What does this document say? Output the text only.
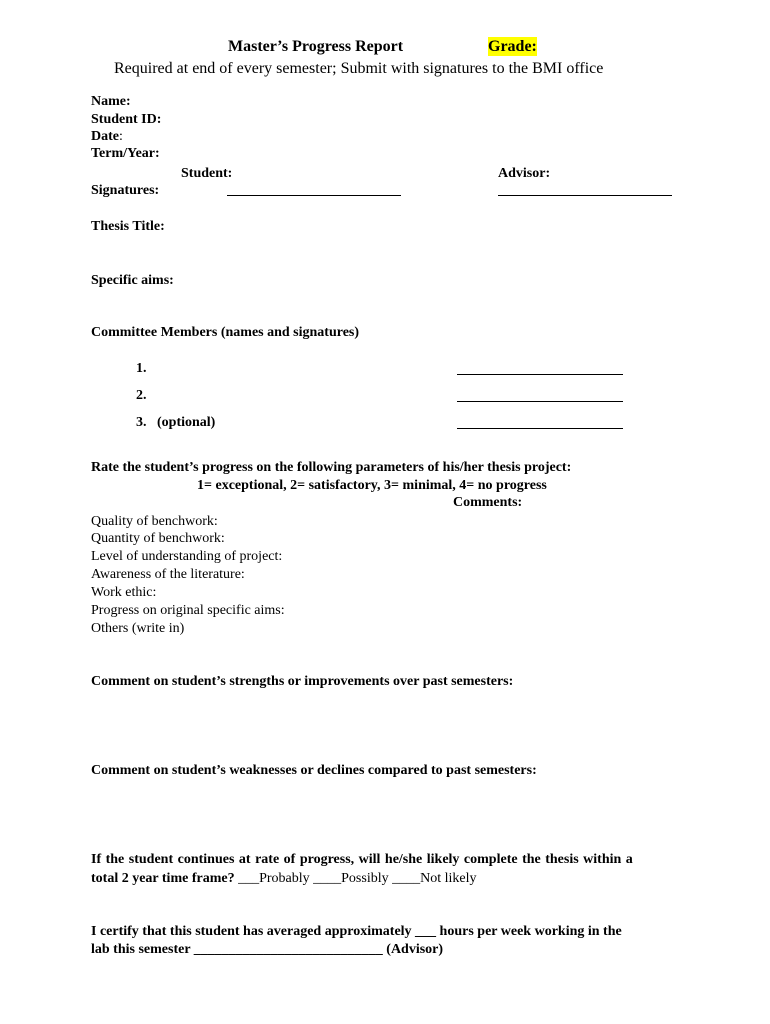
Master’s Progress Report	Grade:
Required at end of every semester; Submit with signatures to the BMI office
Name:
Student ID:
Date:
Term/Year:
Student:	Advisor:
Signatures:
Thesis Title:
Specific aims:
Committee Members (names and signatures)
1.
2.
3.   (optional)
Rate the student’s progress on the following parameters of his/her thesis project:
1= exceptional, 2= satisfactory, 3= minimal, 4= no progress
Comments:
Quality of benchwork:
Quantity of benchwork:
Level of understanding of project:
Awareness of the literature:
Work ethic:
Progress on original specific aims:
Others (write in)
Comment on student’s strengths or improvements over past semesters:
Comment on student’s weaknesses or declines compared to past semesters:
If the student continues at rate of progress, will he/she likely complete the thesis within a
total 2 year time frame? ___Probably ____Possibly ____Not likely
I certify that this student has averaged approximately ___ hours per week working in the
lab this semester ___________________________ (Advisor)
